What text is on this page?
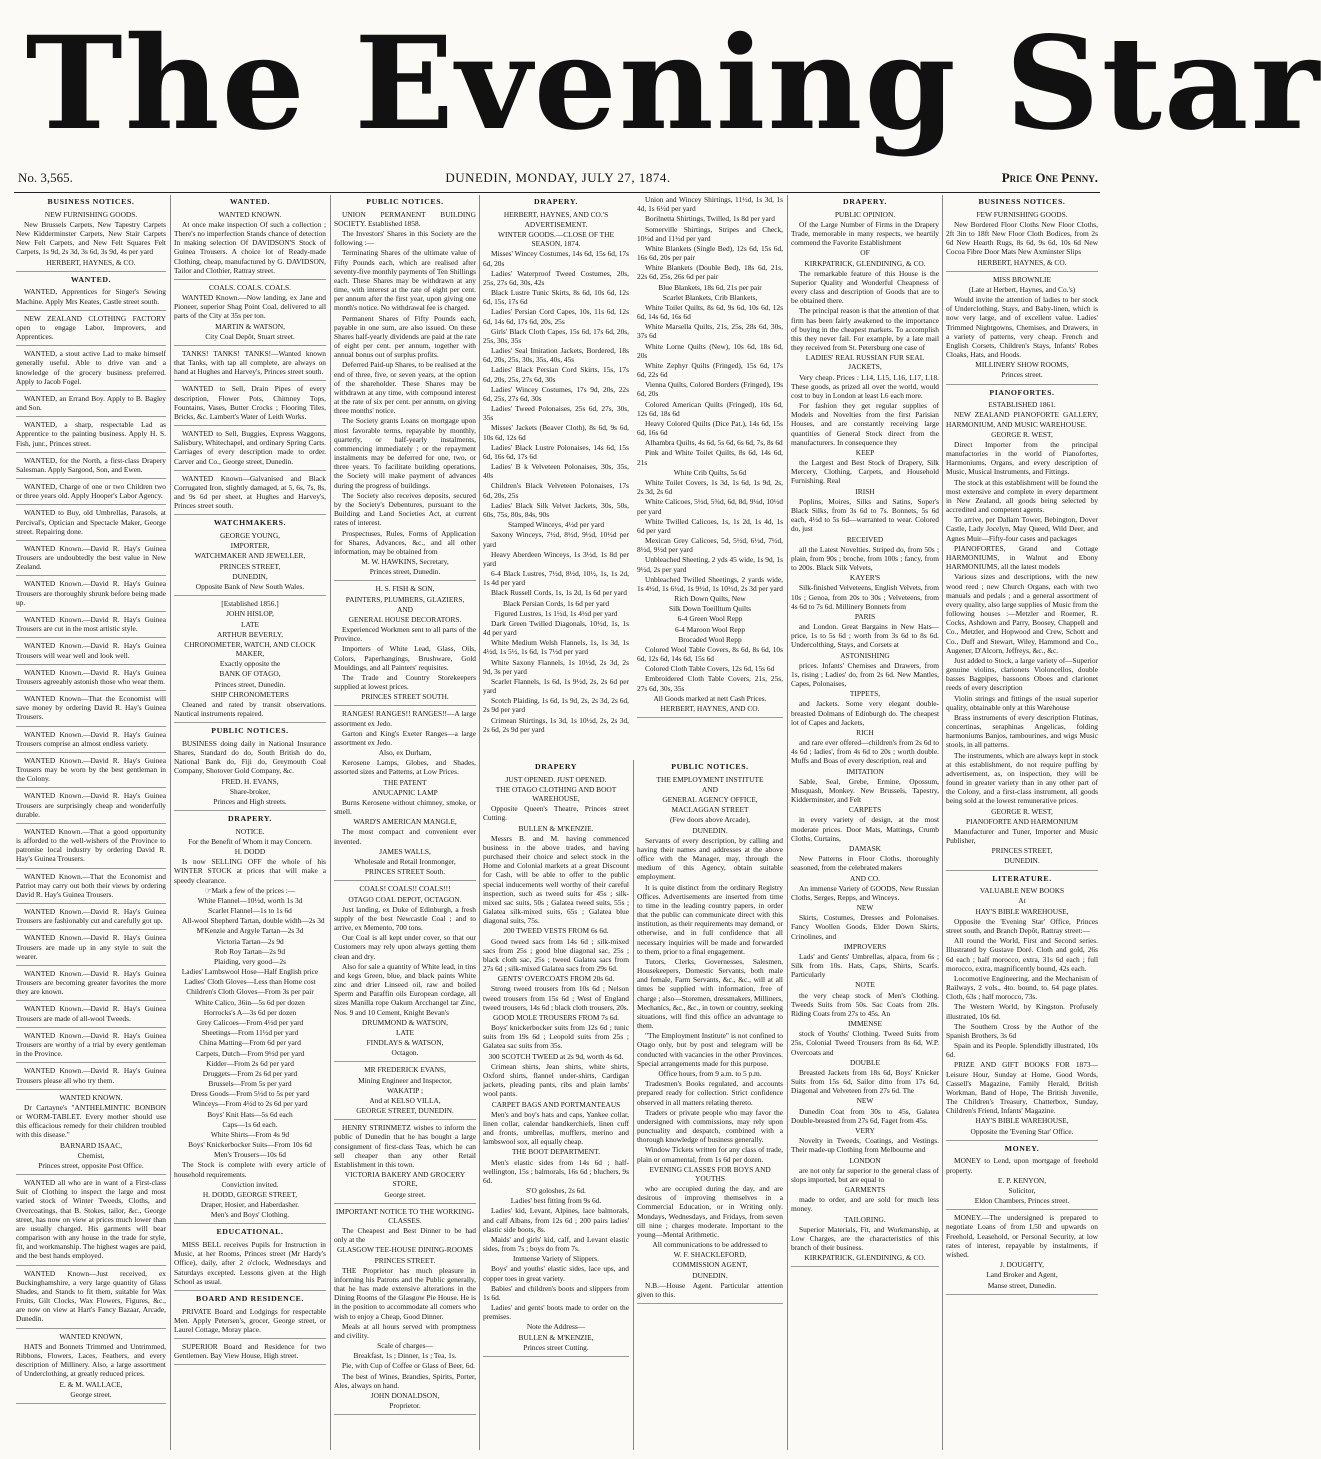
The Evening Star
No. 3,565.	DUNEDIN, MONDAY, JULY 27, 1874.	Price One Penny.
BUSINESS NOTICES.

NEW FURNISHING GOODS.

New Brussels Carpets, New Tapestry Carpets New Kidderminster Carpets, New Stair Carpets New Felt Carpets, and New Felt Squares Felt Carpets, 1s 9d, 2s 3d, 3s 6d, 3s 9d, 4s per yard

HERBERT, HAYNES, & CO.

WANTED.

WANTED, Apprentices for Singer's Sewing Machine. Apply Mrs Keates, Castle street south.

NEW ZEALAND CLOTHING FACTORY open to engage Labor, Improvers, and Apprentices.

WANTED, a stout active Lad to make himself generally useful. Able to drive van and a knowledge of the grocery business preferred. Apply to Jacob Fogel.

WANTED, an Errand Boy. Apply to B. Bagley and Son.

WANTED, a sharp, respectable Lad as Apprentice to the painting business. Apply H. S. Fish, junr., Princes street.

WANTED, for the North, a first-class Drapery Salesman. Apply Sargood, Son, and Ewen.

WANTED, Charge of one or two Children two or three years old. Apply Hooper's Labor Agency.

WANTED to Buy, old Umbrellas, Parasols, at Percival's, Optician and Spectacle Maker, George street. Repairing done.

WANTED Known.—David R. Hay's Guinea Trousers are undoubtedly the best value in New Zealand.

WANTED Known.—David R. Hay's Guinea Trousers are thoroughly shrunk before being made up.

WANTED Known.—David R. Hay's Guinea Trousers are cut in the most artistic style.

WANTED Known.—David R. Hay's Guinea Trousers will wear well and look well.

WANTED Known.—David R. Hay's Guinea Trousers agreeably astonish those who wear them.

WANTED Known—That the Economist will save money by ordering David R. Hay's Guinea Trousers.

WANTED Known.—David R. Hay's Guinea Trousers comprise an almost endless variety.

WANTED Known.—David R. Hay's Guinea Trousers may be worn by the best gentleman in the Colony.

WANTED Known.—David R. Hay's Guinea Trousers are surprisingly cheap and wonderfully durable.

WANTED Known.—That a good opportunity is afforded to the well-wishers of the Province to patronise local industry by ordering David R. Hay's Guinea Trousers.

WANTED Known.—That the Economist and Patriot may carry out both their views by ordering David R. Hay's Guinea Trousers.

WANTED Known.—David R. Hay's Guinea Trousers are fashionably cut and carefully got up.

WANTED Known.—David R. Hay's Guinea Trousers are made up in any style to suit the wearer.

WANTED Known.—David R. Hay's Guinea Trousers are becoming greater favorites the more they are known.

WANTED Known.—David R. Hay's Guinea Trousers are made of all-wool Tweeds.

WANTED Known.—David R. Hay's Guinea Trousers are worthy of a trial by every gentleman in the Province.

WANTED Known.—David R. Hay's Guinea Trousers please all who try them.

WANTED KNOWN.

Dr Cartayne's "ANTHELMINTIC BONBON or WORM-TABLET. Every mother should use this efficacious remedy for their children troubled with this disease."

BARNARD ISAAC,

Chemist,

Princes street, opposite Post Office.

WANTED all who are in want of a First-class Suit of Clothing to inspect the large and most varied stock of Winter Tweeds, Cloths, and Overcoatings, that B. Stokes, tailor, &c., George street, has now on view at prices much lower than are usually charged. His garments will bear comparison with any house in the trade for style, fit, and workmanship. The highest wages are paid, and the best hands employed.

WANTED Known—Just received, ex Buckinghamshire, a very large quantity of Glass Shades, and Stands to fit them, suitable for Wax Fruits, Gilt Clocks, Wax Flowers, Figures, &c., are now on view at Hart's Fancy Bazaar, Arcade, Dunedin.

WANTED KNOWN,

HATS and Bonnets Trimmed and Untrimmed, Ribbons, Flowers, Laces, Feathers, and every description of Millinery. Also, a large assortment of Underclothing, at greatly reduced prices.

E. & M. WALLACE,

George street.

WANTED.

WANTED KNOWN.

At once make inspection Of such a collection ; There's no imperfection Stands chance of detection In making selection Of DAVIDSON'S Stock of Guinea Trousers. A choice lot of Ready-made Clothing, cheap, manufactured by G. DAVIDSON, Tailor and Clothier, Rattray street.

COALS. COALS. COALS.

WANTED Known.—Now landing, ex Jane and Pioneer, superior Shag Point Coal, delivered to all parts of the City at 35s per ton.

MARTIN & WATSON,

City Coal Depôt, Stuart street.

TANKS! TANKS! TANKS!—Wanted known that Tanks, with tap all complete, are always on hand at Hughes and Harvey's, Princes street south.

WANTED to Sell, Drain Pipes of every description, Flower Pots, Chimney Tops, Fountains, Vases, Butter Crocks ; Flooring Tiles, Bricks, &c. Lambert's Water of Leith Works.

WANTED to Sell, Buggies, Express Waggons, Salisbury, Whitechapel, and ordinary Spring Carts. Carriages of every description made to order. Carver and Co., George street, Dunedin.

WANTED Known—Galvanised and Black Corrugated Iron, slightly damaged, at 5, 6s, 7s, 8s, and 9s 6d per sheet, at Hughes and Harvey's, Princes street south.

WATCHMAKERS.

GEORGE YOUNG,

IMPORTER,

WATCHMAKER AND JEWELLER,

PRINCES STREET,

DUNEDIN,

Opposite Bank of New South Wales.

[Established 1856.]

JOHN HISLOP,

LATE

ARTHUR BEVERLY,

CHRONOMETER, WATCH, AND CLOCK MAKER,

Exactly opposite the

BANK OF OTAGO,

Princes street, Dunedin.

SHIP CHRONOMETERS

Cleaned and rated by transit observations. Nautical instruments repaired.

PUBLIC NOTICES.

BUSINESS doing daily in National Insurance Shares, Standard do do, South British do do, National Bank do, Fiji do, Greymouth Coal Company, Shotover Gold Company, &c.

FRED. H. EVANS,

Share-broker,

Princes and High streets.

DRAPERY.

NOTICE.

For the Benefit of Whom it may Concern.

H. DODD

Is now SELLING OFF the whole of his WINTER STOCK at prices that will make a speedy clearance.

☞Mark a few of the prices :—

White Flannel—10½d, worth 1s 3d

Scarlet Flannel—1s to 1s 6d

All-wool Shepherd Tartan, double width—2s 3d

M'Kenzie and Argyle Tartan—2s 3d

Victoria Tartan—2s 9d

Rob Roy Tartan—2s 9d

Plaiding, very good—2s

Ladies' Lambswool Hose—Half English price

Ladies' Cloth Gloves—Less than Home cost

Children's Cloth Gloves—From 3s per pair

White Calico, 36in—5s 6d per dozen

Horrocks's A—3s 6d per dozen

Grey Calicoes—From 4½d per yard

Sheetings—From 11½d per yard

China Matting—From 6d per yard

Carpets, Dutch—From 9½d per yard

Kidder—From 2s 6d per yard

Druggets—From 2s 6d per yard

Brussels—From 5s per yard

Dress Goods—From 5½d to 5s per yard

Winceys—From 4½d to 2s 6d per yard

Boys' Knit Hats—5s 6d each

Caps—1s 6d each.

White Shirts—From 4s 9d

Boys' Knickerbocker Suits—From 10s 6d

Men's Trousers—10s 6d

The Stock is complete with every article of household requirements.

Conviction invited.

H. DODD, GEORGE STREET,

Draper, Hosier, and Haberdasher.

Men's and Boys' Clothing.

EDUCATIONAL.

MISS BELL receives Pupils for Instruction in Music, at her Rooms, Princes street (Mr Hardy's Office), daily, after 2 o'clock, Wednesdays and Saturdays excepted. Lessons given at the High School as usual.

BOARD AND RESIDENCE.

PRIVATE Board and Lodgings for respectable Men. Apply Petersen's, grocer, George street, or Laurel Cottage, Moray place.

SUPERIOR Board and Residence for two Gentlemen. Bay View House, High street.

PUBLIC NOTICES.

UNION PERMANENT BUILDING SOCIETY. Established 1858.

The Investors' Shares in this Society are the following :—

Terminating Shares of the ultimate value of Fifty Pounds each, which are realised after seventy-five monthly payments of Ten Shillings each. These Shares may be withdrawn at any time, with interest at the rate of eight per cent. per annum after the first year, upon giving one month's notice. No withdrawal fee is charged.

Permanent Shares of Fifty Pounds each, payable in one sum, are also issued. On these Shares half-yearly dividends are paid at the rate of eight per cent. per annum, together with annual bonus out of surplus profits.

Deferred Paid-up Shares, to be realised at the end of three, five, or seven years, at the option of the shareholder. These Shares may be withdrawn at any time, with compound interest at the rate of six per cent. per annum, on giving three months' notice.

The Society grants Loans on mortgage upon most favorable terms, repayable by monthly, quarterly, or half-yearly instalments, commencing immediately ; or the repayment instalments may be deferred for one, two, or three years. To facilitate building operations, the Society will make payment of advances during the progress of buildings.

The Society also receives deposits, secured by the Society's Debentures, pursuant to the Building and Land Societies Act, at current rates of interest.

Prospectuses, Rules, Forms of Application for Shares, Advances, &c., and all other information, may be obtained from

M. W. HAWKINS, Secretary,

Princes street, Dunedin.

H. S. FISH & SON,

PAINTERS, PLUMBERS, GLAZIERS,

AND

GENERAL HOUSE DECORATORS.

Experienced Workmen sent to all parts of the Province.

Importers of White Lead, Glass, Oils, Colors, Paperhangings, Brushware, Gold Mouldings, and all Painters' requisites.

The Trade and Country Storekeepers supplied at lowest prices.

PRINCES STREET SOUTH.

RANGES! RANGES!! RANGES!!—A large assortment ex Jedo.

Garton and King's Exeter Ranges—a large assortment ex Jedo.

Also, ex Durham,

Kerosene Lamps, Globes, and Shades, assorted sizes and Patterns, at Low Prices.

THE PATENT

ANUCAPNIC LAMP

Burns Kerosene without chimney, smoke, or smell.

WARD'S AMERICAN MANGLE,

The most compact and convenient ever invented.

JAMES WALLS,

Wholesale and Retail Ironmonger,

PRINCES STREET South.

COALS! COALS!! COALS!!!

OTAGO COAL DEPOT, OCTAGON.

Just landing, ex Duke of Edinburgh, a fresh supply of the best Newcastle Coal ; and to arrive, ex Memento, 700 tons.

Our Coal is all kept under cover, so that our Customers may rely upon always getting them clean and dry.

Also for sale a quantity of White lead, in tins and kegs Green, blue, and black paints White zinc and drier Linseed oil, raw and boiled Sperm and Paraffin oils European cordage, all sizes Manilla rope Oakum Arcchangel tar Zinc, Nos. 9 and 10 Cement, Knight Bevan's

DRUMMOND & WATSON,

LATE

FINDLAYS & WATSON,

Octagon.

MR FREDERICK EVANS,

Mining Engineer and Inspector,

WAKATIP ;

And at KELSO VILLA,

GEORGE STREET, DUNEDIN.

HENRY STRINMETZ wishes to inform the public of Dunedin that he has bought a large consignment of first-class Teas, which he can sell cheaper than any other Retail Establishment in this town.

VICTORIA BAKERY AND GROCERY STORE,

George street.

IMPORTANT NOTICE TO THE WORKING-CLASSES.

The Cheapest and Best Dinner to be had only at the

GLASGOW TEE-HOUSE DINING-ROOMS

PRINCES STREET.

THE Proprietor has much pleasure in informing his Patrons and the Public generally, that he has made extensive alterations in the Dining Rooms of the Glasgow Pie House. He is in the position to accommodate all comers who wish to enjoy a Cheap, Good Dinner.

Meals at all hours served with promptness and civility.

Scale of charges—

Breakfast, 1s ; Dinner, 1s ; Tea, 1s.

Pie, with Cup of Coffee or Glass of Beer, 6d.

The best of Wines, Brandies, Spirits, Porter, Ales, always on hand.

JOHN DONALDSON,

Proprietor.

DRAPERY.

HERBERT, HAYNES, AND CO.'S

ADVERTISEMENT.

WINTER GOODS.—CLOSE OF THE SEASON, 1874.

Misses' Wincey Costumes, 14s 6d, 15s 6d, 17s 6d, 20s

Ladies' Waterproof Tweed Costumes, 20s, 25s, 27s 6d, 30s, 42s

Black Lustre Tunic Skirts, 8s 6d, 10s 6d, 12s 6d, 15s, 17s 6d

Ladies' Persian Cord Capes, 10s, 11s 6d, 12s 6d, 14s 6d, 17s 6d, 20s, 25s

Girls' Black Cloth Capes, 15s 6d, 17s 6d, 20s, 25s, 30s, 35s

Ladies' Seal Imitation Jackets, Bordered, 18s 6d, 20s, 25s, 30s, 35s, 40s, 45s

Ladies' Black Persian Cord Skirts, 15s, 17s 6d, 20s, 25s, 27s 6d, 30s

Ladies' Wincey Costumes, 17s 9d, 20s, 22s 6d, 25s, 27s 6d, 30s

Ladies' Tweed Polonaises, 25s 6d, 27s, 30s, 35s

Misses' Jackets (Beaver Cloth), 8s 6d, 9s 6d, 10s 6d, 12s 6d

Ladies' Black Lustre Polonaises, 14s 6d, 15s 6d, 16s 6d, 17s 6d

Ladies' B k Velveteen Polonaises, 30s, 35s, 40s

Children's Black Velveteen Polonaises, 17s 6d, 20s, 25s

Ladies' Black Silk Velvet Jackets, 30s, 50s, 60s, 75s, 80s, 84s, 90s

Stamped Winceys, 4½d per yard

Saxony Winceys, 7½d, 8½d, 9½d, 10½d per yard

Heavy Aberdeen Winceys, 1s 3½d, 1s 8d per yard

6-4 Black Lustres, 7½d, 8½d, 10½, 1s, 1s 2d, 1s 4d per yard

Black Russell Cords, 1s, 1s 2d, 1s 6d per yard

Black Persian Cords, 1s 6d per yard

Figured Lustres, 1s 1½d, 1s 4½d per yard

Dark Green Twilled Diagonals, 10½d, 1s, 1s 4d per yard

White Medium Welsh Flannels, 1s, 1s 3d, 1s 4½d, 1s 5½, 1s 6d, 1s 7½d per yard

White Saxony Flannels, 1s 10½d, 2s 3d, 2s 9d, 3s per yard

Scarlet Flannels, 1s 6d, 1s 9½d, 2s, 2s 6d per yard

Scotch Plaiding, 1s 6d, 1s 9d, 2s, 2s 3d, 2s 6d, 2s 9d per yard

Crimean Shirtings, 1s 3d, 1s 10½d, 2s, 2s 3d, 2s 6d, 2s 9d per yard

Union and Wincey Shirtings, 11½d, 1s 3d, 1s 4d, 1s 6½d per yard

Borilnetta Shirtings, Twilled, 1s 8d per yard

Somerville Shirtings, Stripes and Check, 10½d and 11½d per yard

White Blankets (Single Bed), 12s 6d, 15s 6d, 16s 6d, 20s per pair

White Blankets (Double Bed), 18s 6d, 21s, 22s 6d, 25s, 26s 6d per pair

Blue Blankets, 18s 6d, 21s per pair

Scarlet Blankets, Crib Blankets,

White Toilet Quilts, 8s 6d, 9s 6d, 10s 6d, 12s 6d, 14s 6d, 16s 6d

White Marsella Quilts, 21s, 25s, 28s 6d, 30s, 37s 6d

White Lorne Quilts (New), 10s 6d, 18s 6d, 20s

White Zephyr Quilts (Fringed), 15s 6d, 17s 6d, 22s 6d

Vienna Quilts, Colored Borders (Fringed), 19s 6d, 20s

Colored American Quilts (Fringed), 10s 6d, 12s 6d, 18s 6d

Heavy Colored Quilts (Dice Pat.), 14s 6d, 15s 6d, 16s 6d

Alhambra Quilts, 4s 6d, 5s 6d, 6s 6d, 7s, 8s 6d

Pink and White Toilet Quilts, 8s 6d, 14s 6d, 21s

White Crib Quilts, 5s 6d

White Toilet Covers, 1s 3d, 1s 6d, 1s 9d, 2s, 2s 3d, 2s 6d

White Calicoes, 5½d, 5¾d, 6d, 8d, 9¼d, 10½d per yard

White Twilled Calicoes, 1s, 1s 2d, 1s 4d, 1s 6d per yard

Mexican Grey Calicoes, 5d, 5½d, 6½d, 7½d, 8½d, 9½d per yard

Unbleached Sheeting, 2 yds 45 wide, 1s 9d, 1s 9½d, 2s per yard

Unbleached Twilled Sheetings, 2 yards wide, 1s 4½d, 1s 6½d, 1s 9½d, 1s 10½d, 2s 3d per yard

Rich Down Quilts, New

Silk Down Toeilltum Quilts

6-4 Green Wool Repp

6-4 Maroon Wool Repp

Brocaded Wool Repp

Colored Wool Table Covers, 8s 6d, 8s 6d, 10s 6d, 12s 6d, 14s 6d, 15s 6d

Colored Cloth Table Covers, 12s 6d, 15s 6d

Embroidered Cloth Table Covers, 21s, 25s, 27s 6d, 30s, 35s

All Goods marked at nett Cash Prices.

HERBERT, HAYNES, AND CO.

DRAPERY

JUST OPENED. JUST OPENED.

THE OTAGO CLOTHING AND BOOT WAREHOUSE,

Opposite Queen's Theatre, Princes street Cutting.

BULLEN & M'KENZIE.

Messrs B. and M. having commenced business in the above trades, and having purchased their choice and select stock in the Home and Colonial markets at a great Discount for Cash, will be able to offer to the public special inducements well worthy of their careful inspection, such as tweed suits for 45s ; silk-mixed sac suits, 50s ; Galatea tweed suits, 55s ; Galatea silk-mixed suits, 65s ; Galatea blue diagonal suits, 75s.

200 TWEED VESTS FROM 6s 6d.

Good tweed sacs from 14s 6d ; silk-mixed sacs from 25s ; good blue diagonal sac, 25s ; black cloth sac, 25s ; tweed Galatea sacs from 27s 6d ; silk-mixed Galatea sacs from 29s 6d.

GENTS' OVERCOATS FROM 20s 6d.

Strong tweed trousers from 10s 6d ; Nelson tweed trousers from 15s 6d ; West of England tweed trousers, 14s 6d ; black cloth trousers, 20s.

GOOD MOLE TROUSERS FROM 7s 6d.

Boys' knickerbocker suits from 12s 6d ; tunic suits from 19s 6d ; Leopold suits from 25s ; Galatea sac suits from 35s.

300 SCOTCH TWEED at 2s 9d, worth 4s 6d.

Crimean shirts, Jean shirts, white shirts, Oxford shirts, flannel under-shirts, Cardigan jackets, pleading pants, ribs and plain lambs' wool pants.

CARPET BAGS AND PORTMANTEAUS

Men's and boy's hats and caps, Yankee collar, linen collar, calendar handkerchiefs, linen cuff and fronts, umbrellas, mufflers, merino and lambswool sox, all equally cheap.

THE BOOT DEPARTMENT.

Men's elastic sides from 14s 6d ; half-wellington, 15s ; balmorals, 16s 6d ; bluchers, 9s 6d.

S'O goloshes, 2s 6d.

Ladies' best fitting from 9s 6d.

Ladies' kid, Levant, Alpines, lace balmorals, and calf Albans, from 12s 6d ; 200 pairs ladies' elastic side boots, 8s.

Maids' and girls' kid, calf, and Levant elastic sides, from 7s ; boys do from 7s.

Immense Variety of Slippers.

Boys' and youths' elastic sides, lace ups, and copper toes in great variety.

Babies' and children's boots and slippers from 1s 6d.

Ladies' and gents' boots made to order on the premises.

Note the Address—

BULLEN & M'KENZIE,

Princes street Cutting.

PUBLIC NOTICES.

THE EMPLOYMENT INSTITUTE

AND

GENERAL AGENCY OFFICE,

MACLAGGAN STREET

(Few doors above Arcade),

DUNEDIN.

Servants of every description, by calling and having their names and addresses at the above office with the Manager, may, through the medium of this Agency, obtain suitable employment.

It is quite distinct from the ordinary Registry Offices. Advertisements are inserted from time to time in the leading country papers, in order that the public can communicate direct with this institution, as their requirements may demand, or otherwise, and in full confidence that all necessary inquiries will be made and forwarded to them, prior to a final engagement.

Tutors, Clerks, Governesses, Salesmen, Housekeepers, Domestic Servants, both male and female, Farm Servants, &c., &c., will at all times be supplied with information, free of charge ; also—Storemen, dressmakers, Milliners, Mechanics, &c., &c., in town or country, seeking situations, will find this office an advantage to them.

"The Employment Institute" is not confined to Otago only, but by post and telegram will be conducted with vacancies in the other Provinces. Special arrangements made for this purpose.

Office hours, from 9 a.m. to 5 p.m.

Tradesmen's Books regulated, and accounts prepared ready for collection. Strict confidence observed in all matters relating thereto.

Traders or private people who may favor the undersigned with commissions, may rely upon punctuality and despatch, combined with a thorough knowledge of business generally.

Window Tickets written for any class of trade, plain or ornamental, from 1s 6d per dozen.

EVENING CLASSES FOR BOYS AND YOUTHS

who are occupied during the day, and are desirous of improving themselves in a Commercial Education, or in Writing only. Mondays, Wednesdays, and Fridays, from seven till nine ; charges moderate. Important to the young—Mental Arithmetic.

All communications to be addressed to

W. F. SHACKLEFORD,

COMMISSION AGENT,

DUNEDIN.

N.B.—House Agent. Particular attention given to this.

DRAPERY.

PUBLIC OPINION.

Of the Large Number of Firms in the Drapery Trade, memorable in many respects, we heartily commend the Favorite Establishment

OF

KIRKPATRICK, GLENDINING, & CO.

The remarkable feature of this House is the Superior Quality and Wonderful Cheapness of every class and description of Goods that are to be obtained there.

The principal reason is that the attention of that firm has been fairly awakened to the importance of buying in the cheapest markets. To accomplish this they never fail. For example, by a late mail they received from St. Petersburg one case of

LADIES' REAL RUSSIAN FUR SEAL JACKETS,

Very cheap. Prices : L14, L15, L16, L17, L18. These goods, as prized all over the world, would cost to buy in London at least L6 each more.

For fashion they get regular supplies of Models and Novelties from the first Parisian Houses, and are constantly receiving large quantities of General Stock direct from the manufacturers. In consequence they

KEEP

the Largest and Best Stock of Drapery, Silk Mercery, Clothing, Carpets, and Household Furnishing. Real

IRISH

Poplins, Moires, Silks and Satins, Soper's Black Silks, from 3s 6d to 7s. Bonnets, 5s 6d each, 4½d to 5s 6d—warranted to wear. Colored do, just

RECEIVED

all the Latest Novelties. Striped do, from 50s ; plain, from 90s ; broche, from 100s ; fancy, from to 200s. Black Silk Velvets,

KAYER'S

Silk-finished Velveteens, English Velvets, from 10s ; Genoa, from 20s to 30s ; Velveteens, from 4s 6d to 7s 6d. Millinery Bonnets from

PARIS

and London. Great Bargains in New Hats—price, 1s to 5s 6d ; worth from 3s 6d to 8s 6d. Undercolthing, Stays, and Corsets at

ASTONISHING

prices. Infants' Chemises and Drawers, from 1s, rising ; Ladies' do, from 2s 6d. New Mantles, Capes, Polonaises,

TIPPETS,

and Jackets. Some very elegant double-breasted Dolmans of Edinburgh do. The cheapest lot of Capes and Jackets,

RICH

and rare ever offered—children's from 2s 6d to 4s 6d ; ladies', from 4s 6d to 20s ; worth double. Muffs and Boas of every description, real and

IMITATION

Sable, Seal, Grebe, Ermine, Opossum, Musquash, Monkey. New Brussels, Tapestry, Kidderminster, and Felt

CARPETS

in every variety of design, at the most moderate prices. Door Mats, Mattings, Crumb Cloths, Curtains,

DAMASK

New Patterns in Floor Cloths, thoroughly seasoned, from the celebrated makers

AND CO.

An immense Variety of GOODS, New Russian Cloths, Serges, Repps, and Winceys.

NEW

Skirts, Costumes, Dresses and Polonaises. Fancy Woollen Goods, Elder Down Skirts, Crinolines, and

IMPROVERS

Lads' and Gents' Umbrellas, alpaca, from 6s ; Silk from 10s. Hats, Caps, Shirts, Scarfs. Particularly

NOTE

the very cheap stock of Men's Clothing. Tweeds Suits from 50s. Sac Coats from 20s. Riding Coats from 27s to 45s. An

IMMENSE

stock of Youths' Clothing. Tweed Suits from 25s, Colonial Tweed Trousers from 8s 6d, W.P. Overcoats and

DOUBLE

Breasted Jackets from 18s 6d, Boys' Knicker Suits from 15s 6d, Sailor ditto from 17s 6d, Diagonal and Velveteen from 27s 6d. The

NEW

Dunedin Coat from 30s to 45s, Galatea Double-breasted from 27s 6d, Faget from 45s.

VERY

Novelty in Tweeds, Coatings, and Vestings. Their made-up Clothing from Melbourne and

LONDON

are not only far superior to the general class of slops imported, but are equal to

GARMENTS

made to order, and are sold for much less money.

TAILORING.

Superior Materials, Fit, and Workmanship, at Low Charges, are the characteristics of this branch of their business.

KIRKPATRICK, GLENDINING, & CO.

BUSINESS NOTICES.

FEW FURNISHING GOODS.

New Bordered Floor Cloths New Floor Cloths, 2ft 3in to 18ft New Floor Cloth Bodices, from 2s 6d New Hearth Rugs, 8s 6d, 9s 6d, 10s 6d New Cocoa Fibre Door Mats New Axminster Slips

HERBERT, HAYNES, & CO.

MISS BROWNLIE

(Late at Herbert, Haynes, and Co.'s)

Would invite the attention of ladies to her stock of Underclothing, Stays, and Baby-linen, which is now very large, and of excellent value. Ladies' Trimmed Nightgowns, Chemises, and Drawers, in a variety of patterns, very cheap. French and English Corsets, Children's Stays, Infants' Robes Cloaks, Hats, and Hoods.

MILLINERY SHOW ROOMS,

Princes street.

PIANOFORTES.

ESTABLISHED 1861.

NEW ZEALAND PIANOFORTE GALLERY, HARMONIUM, AND MUSIC WAREHOUSE.

GEORGE R. WEST,

Direct Importer from the principal manufactories in the world of Pianofortes, Harmoniums, Organs, and every description of Music, Musical Instruments, and Fittings.

The stock at this establishment will be found the most extensive and complete in every department in New Zealand, all goods being selected by accredited and competent agents.

To arrive, per Dallam Tower, Bebington, Dover Castle, Lady Jocelyn, May Queed, Wild Deer, and Agnes Muir—Fifty-four cases and packages

PIANOFORTES, Grand and Cottage HARMONIUMS, in Walnut and Ebony HARMONIUMS, all the latest models

Various sizes and descriptions, with the new wood reed ; new Church Organs, each with two manuals and pedals ; and a general assortment of every quality, also large supplies of Music from the following houses :—Metzler and Roemer, R. Cocks, Ashdown and Parry, Boosey, Chappell and Co., Metzler, and Hopwood and Crew, Schott and Co., Duff and Stewart, Wiley, Hammond and Co., Augener, D'Alcorn, Jeffreys, &c., &c.

Just added to Stock, a large variety of—Superior genuine violins, clarionets Violoncellos, double basses Bagpipes, bassoons Oboes and clarionet reeds of every description

Violin strings and fittings of the usual superior quality, obtainable only at this Warehouse

Brass instruments of every description Flutinas, concertinas, seraphinas Angelicas, folding harmoniums Banjos, tambourines, and wigs Music stools, in all patterns.

The instruments, which are always kept in stock at this establishment, do not require puffing by advertisement, as, on inspection, they will be found in greater variety than in any other part of the Colony, and a first-class instrument, all goods being sold at the lowest remunerative prices.

GEORGE R. WEST,

PIANOFORTE AND HARMONIUM

Manufacturer and Tuner, Importer and Music Publisher,

PRINCES STREET,

DUNEDIN.

LITERATURE.

VALUABLE NEW BOOKS

At

HAY'S BIBLE WAREHOUSE,

Opposite the 'Evening Star' Office, Princes street south, and Branch Depôt, Rattray street:—

All round the World, First and Second series. Illustrated by Gustave Doré. Cloth and gold, 26s 6d each ; half morocco, extra, 31s 6d each ; full morocco, extra, magnificently bound, 42s each.

Locomotive Engineering, and the Mechanism of Railways, 2 vols., 4to. bound, to. 64 page plates. Cloth, 63s ; half morocco, 73s.

The Western World, by Kingston. Profusely illustrated, 10s 6d.

The Southern Cross by the Author of the Spanish Brothers, 3s 6d

Spain and its People. Splendidly illustrated, 10s 6d.

PRIZE AND GIFT BOOKS FOR 1873—Leisure Hour, Sunday at Home, Good Words, Cassell's Magazine, Family Herald, British Workman, Band of Hope, The British Juvenile, The Children's Treasury, Chatterbox, Sunday, Children's Friend, Infants' Magazine.

HAY'S BIBLE WAREHOUSE,

Opposite the 'Evening Star' Office.

MONEY.

MONEY to Lend, upon mortgage of freehold property.

E. P. KENYON,

Solicitor,

Eldon Chambers, Princes street.

MONEY.—The undersigned is prepared to negotiate Loans of from L50 and upwards on Freehold, Leasehold, or Personal Security, at low rates of interest, repayable by instalments, if wished.

J. DOUGHTY,

Land Broker and Agent,

Manse street, Dunedin.
